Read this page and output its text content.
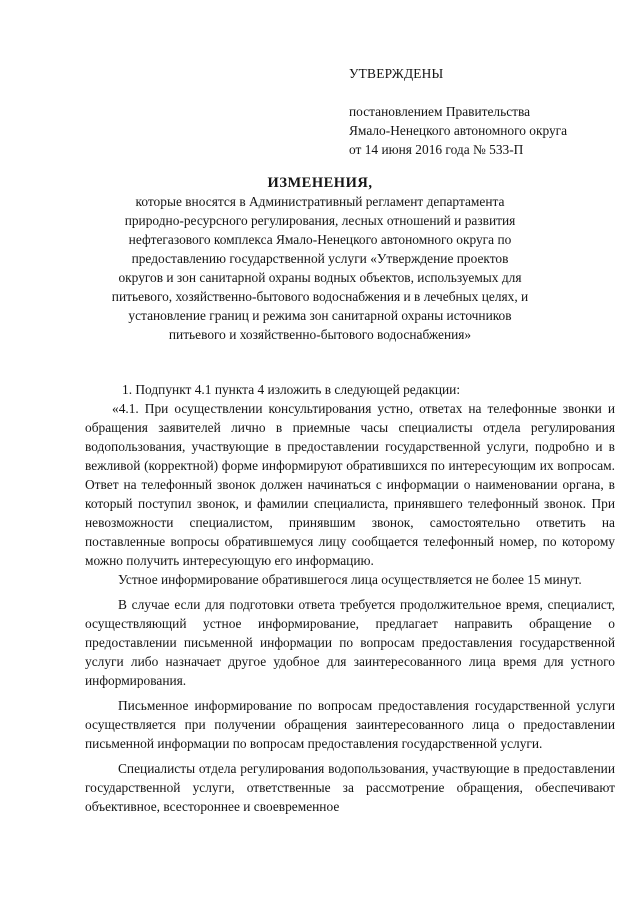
УТВЕРЖДЕНЫ
постановлением Правительства
Ямало-Ненецкого автономного округа
от 14 июня 2016 года № 533-П
ИЗМЕНЕНИЯ,
которые вносятся в Административный регламент департамента природно-ресурсного регулирования, лесных отношений и развития нефтегазового комплекса Ямало-Ненецкого автономного округа по предоставлению государственной услуги «Утверждение проектов округов и зон санитарной охраны водных объектов, используемых для питьевого, хозяйственно-бытового водоснабжения и в лечебных целях, и установление границ и режима зон санитарной охраны источников питьевого и хозяйственно-бытового водоснабжения»

1. Подпункт 4.1 пункта 4 изложить в следующей редакции:

«4.1. При осуществлении консультирования устно, ответах на телефонные звонки и обращения заявителей лично в приемные часы специалисты отдела регулирования водопользования, участвующие в предоставлении государственной услуги, подробно и в вежливой (корректной) форме информируют обратившихся по интересующим их вопросам. Ответ на телефонный звонок должен начинаться с информации о наименовании органа, в который поступил звонок, и фамилии специалиста, принявшего телефонный звонок. При невозможности специалистом, принявшим звонок, самостоятельно ответить на поставленные вопросы обратившемуся лицу сообщается телефонный номер, по которому можно получить интересующую его информацию.

Устное информирование обратившегося лица осуществляется не более 15 минут.

В случае если для подготовки ответа требуется продолжительное время, специалист, осуществляющий устное информирование, предлагает направить обращение о предоставлении письменной информации по вопросам предоставления государственной услуги либо назначает другое удобное для заинтересованного лица время для устного информирования.

Письменное информирование по вопросам предоставления государственной услуги осуществляется при получении обращения заинтересованного лица о предоставлении письменной информации по вопросам предоставления государственной услуги.

Специалисты отдела регулирования водопользования, участвующие в предоставлении государственной услуги, ответственные за рассмотрение обращения, обеспечивают объективное, всестороннее и своевременное
